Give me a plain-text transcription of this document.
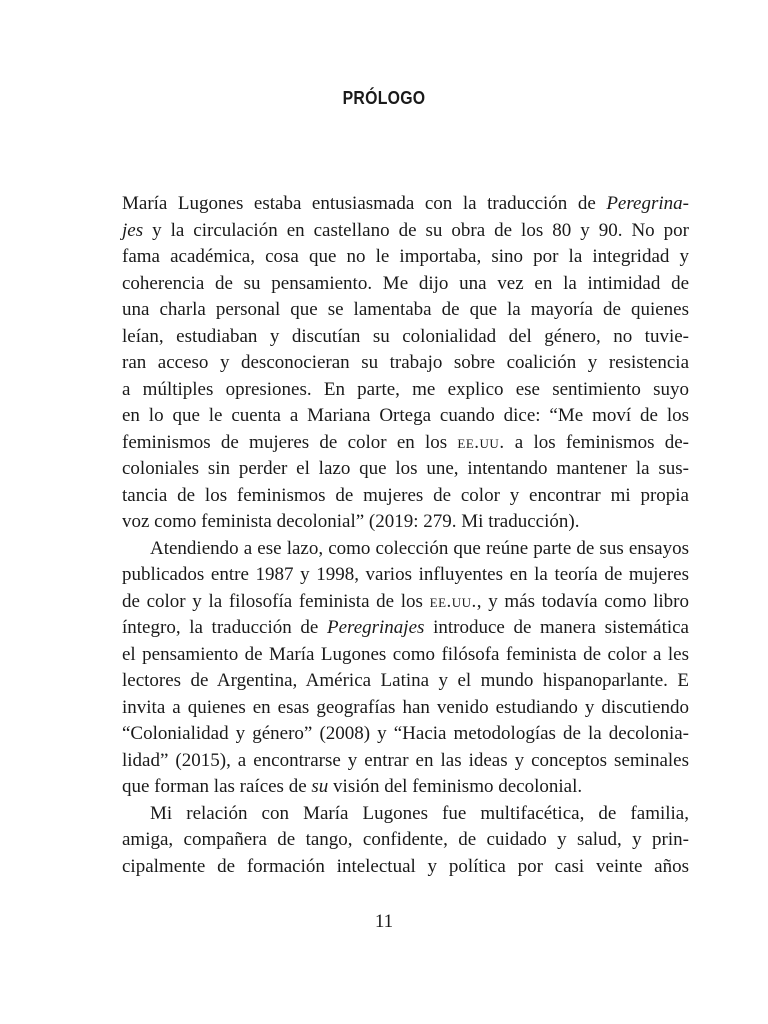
PRÓLOGO
María Lugones estaba entusiasmada con la traducción de Peregrina-
jes y la circulación en castellano de su obra de los 80 y 90. No por
fama académica, cosa que no le importaba, sino por la integridad y
coherencia de su pensamiento. Me dijo una vez en la intimidad de
una charla personal que se lamentaba de que la mayoría de quienes
leían, estudiaban y discutían su colonialidad del género, no tuvie-
ran acceso y desconocieran su trabajo sobre coalición y resistencia
a múltiples opresiones. En parte, me explico ese sentimiento suyo
en lo que le cuenta a Mariana Ortega cuando dice: “Me moví de los
feminismos de mujeres de color en los ee.uu. a los feminismos de-
coloniales sin perder el lazo que los une, intentando mantener la sus-
tancia de los feminismos de mujeres de color y encontrar mi propia
voz como feminista decolonial” (2019: 279. Mi traducción).
Atendiendo a ese lazo, como colección que reúne parte de sus ensayos
publicados entre 1987 y 1998, varios influyentes en la teoría de mujeres
de color y la filosofía feminista de los ee.uu., y más todavía como libro
íntegro, la traducción de Peregrinajes introduce de manera sistemática
el pensamiento de María Lugones como filósofa feminista de color a les
lectores de Argentina, América Latina y el mundo hispanoparlante. E
invita a quienes en esas geografías han venido estudiando y discutiendo
“Colonialidad y género” (2008) y “Hacia metodologías de la decolonia-
lidad” (2015), a encontrarse y entrar en las ideas y conceptos seminales
que forman las raíces de su visión del feminismo decolonial.
Mi relación con María Lugones fue multifacética, de familia,
amiga, compañera de tango, confidente, de cuidado y salud, y prin-
cipalmente de formación intelectual y política por casi veinte años
11
